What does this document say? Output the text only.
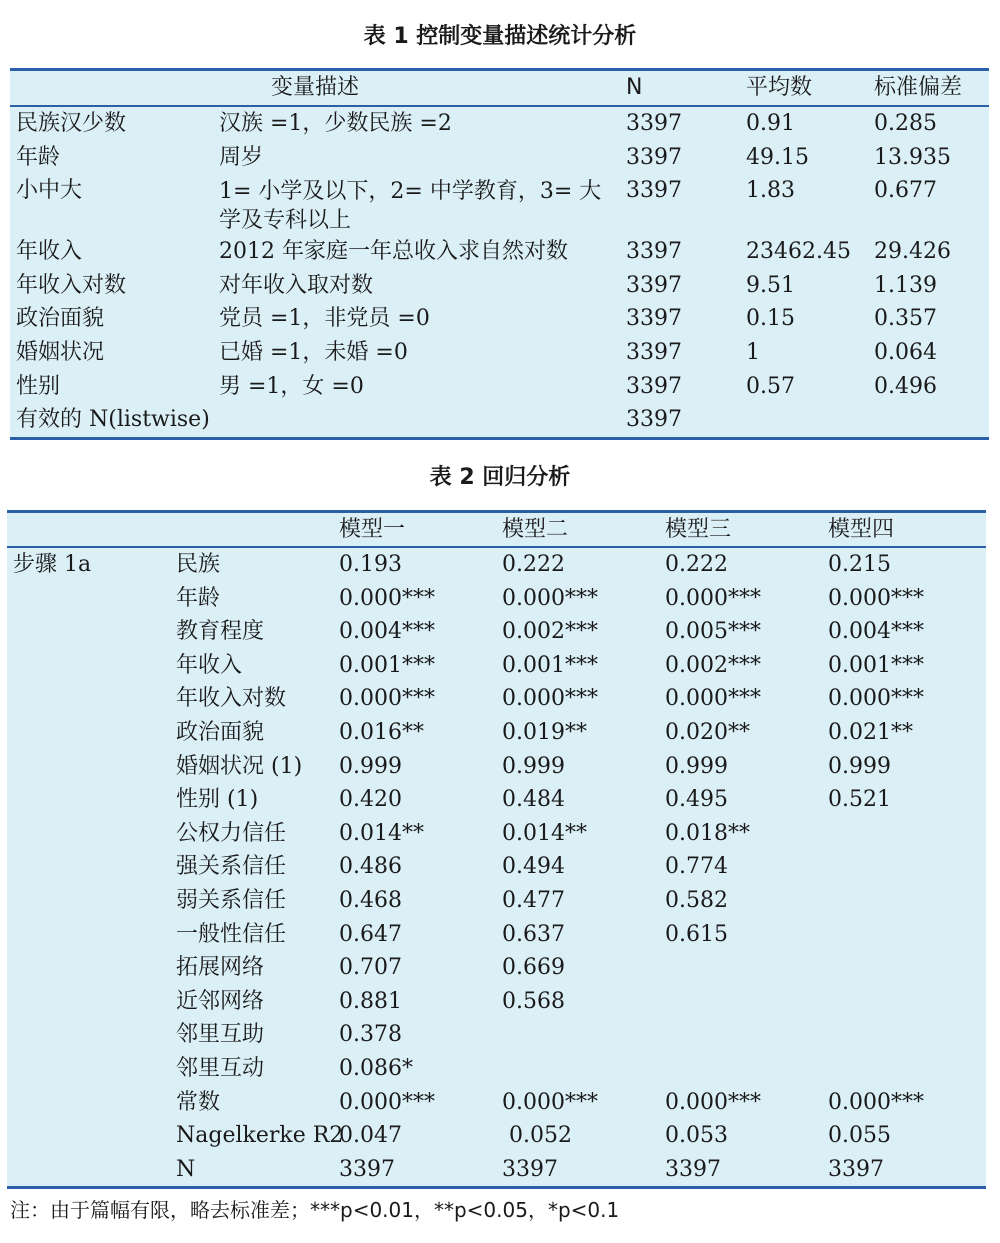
表 1 控制变量描述统计分析
变量描述		N	平均数	标准偏差
民族汉少数	汉族 =1，少数民族 =2	3397	0.91	0.285
年龄	周岁	3397	49.15	13.935
小中大	1= 小学及以下，2= 中学教育，3= 大学及专科以上	3397	1.83	0.677
年收入	2012 年家庭一年总收入求自然对数	3397	23462.45	29.426
年收入对数	对年收入取对数	3397	9.51	1.139
政治面貌	党员 =1，非党员 =0	3397	0.15	0.357
婚姻状况	已婚 =1，未婚 =0	3397	1	0.064
性别	男 =1，女 =0	3397	0.57	0.496
有效的 N(listwise)		3397		
表 2 回归分析
		模型一	模型二	模型三	模型四
步骤 1a	民族	0.193	0.222	0.222	0.215
	年龄	0.000***	0.000***	0.000***	0.000***
	教育程度	0.004***	0.002***	0.005***	0.004***
	年收入	0.001***	0.001***	0.002***	0.001***
	年收入对数	0.000***	0.000***	0.000***	0.000***
	政治面貌	0.016**	0.019**	0.020**	0.021**
	婚姻状况 (1)	0.999	0.999	0.999	0.999
	性别 (1)	0.420	0.484	0.495	0.521
	公权力信任	0.014**	0.014**	0.018**	
	强关系信任	0.486	0.494	0.774	
	弱关系信任	0.468	0.477	0.582	
	一般性信任	0.647	0.637	0.615	
	拓展网络	0.707	0.669		
	近邻网络	0.881	0.568		
	邻里互助	0.378			
	邻里互动	0.086*			
	常数	0.000***	0.000***	0.000***	0.000***
	Nagelkerke R2	0.047	0.052	0.053	0.055
	N	3397	3397	3397	3397
注：由于篇幅有限，略去标准差；***p<0.01，**p<0.05，*p<0.1
